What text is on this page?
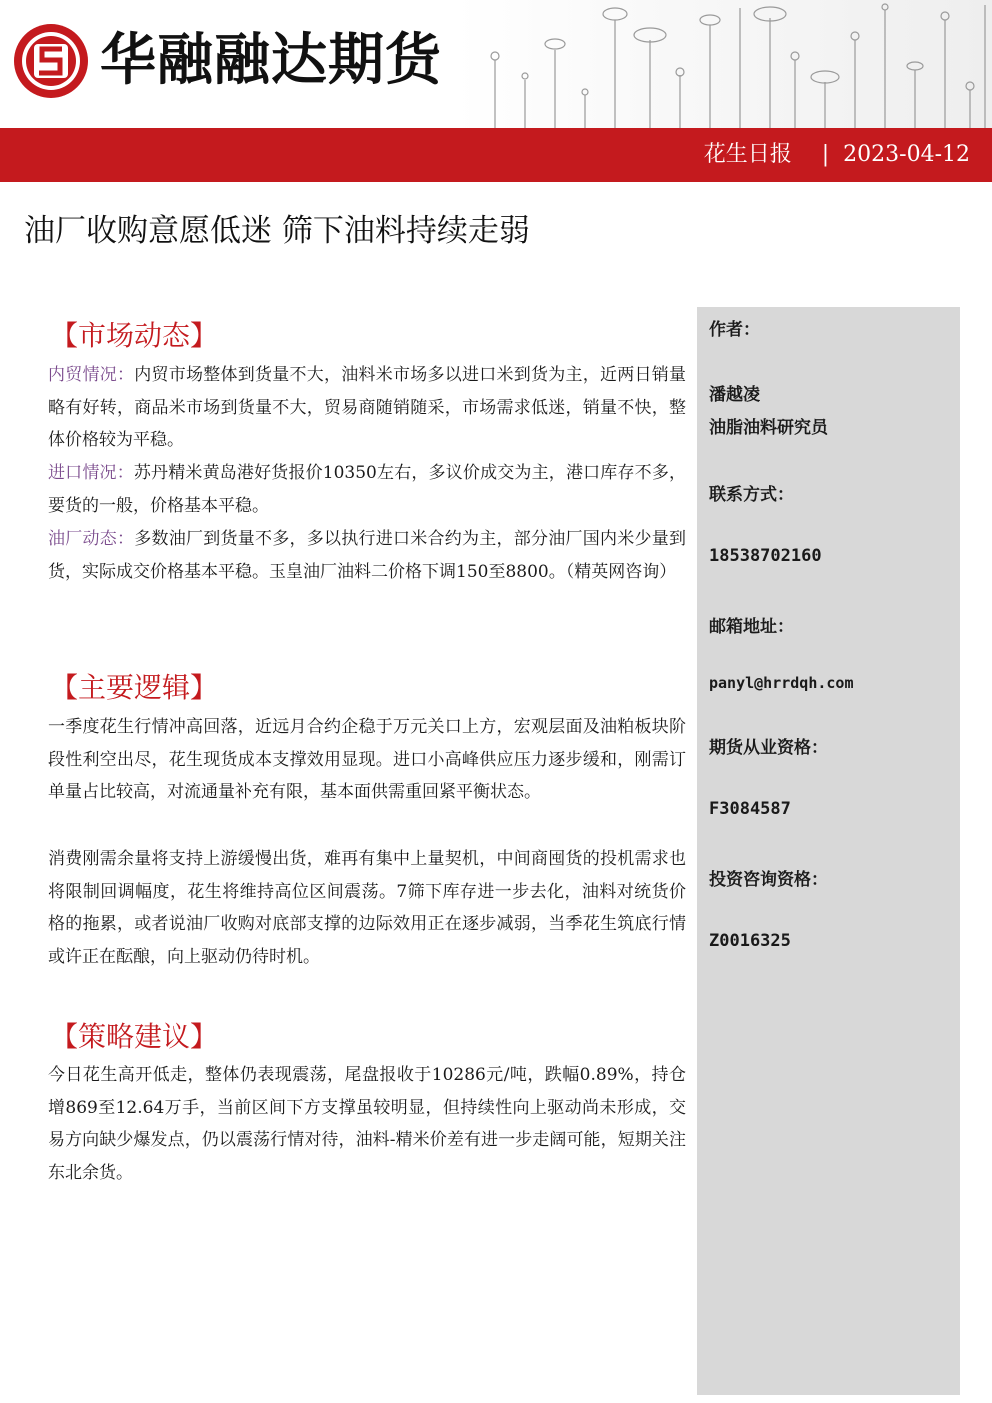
华融融达期货
花生日报 | 2023-04-12
油厂收购意愿低迷 筛下油料持续走弱
作者：
潘越凌
油脂油料研究员
联系方式：
18538702160
邮箱地址：
panyl@hrrdqh.com
期货从业资格：
F3084587
投资咨询资格：
Z0016325
【市场动态】
内贸情况：内贸市场整体到货量不大，油料米市场多以进口米到货为主，近两日销量略有好转，商品米市场到货量不大，贸易商随销随采，市场需求低迷，销量不快，整体价格较为平稳。
进口情况：苏丹精米黄岛港好货报价10350左右，多议价成交为主，港口库存不多，要货的一般，价格基本平稳。
油厂动态：多数油厂到货量不多，多以执行进口米合约为主，部分油厂国内米少量到货，实际成交价格基本平稳。玉皇油厂油料二价格下调150至8800。（精英网咨询）
【主要逻辑】
一季度花生行情冲高回落，近远月合约企稳于万元关口上方，宏观层面及油粕板块阶段性利空出尽，花生现货成本支撑效用显现。进口小高峰供应压力逐步缓和，刚需订单量占比较高，对流通量补充有限，基本面供需重回紧平衡状态。
消费刚需余量将支持上游缓慢出货，难再有集中上量契机，中间商囤货的投机需求也将限制回调幅度，花生将维持高位区间震荡。7筛下库存进一步去化，油料对统货价格的拖累，或者说油厂收购对底部支撑的边际效用正在逐步减弱，当季花生筑底行情或许正在酝酿，向上驱动仍待时机。
【策略建议】
今日花生高开低走，整体仍表现震荡，尾盘报收于10286元/吨，跌幅0.89%，持仓增869至12.64万手，当前区间下方支撑虽较明显，但持续性向上驱动尚未形成，交易方向缺少爆发点，仍以震荡行情对待，油料-精米价差有进一步走阔可能，短期关注东北余货。
